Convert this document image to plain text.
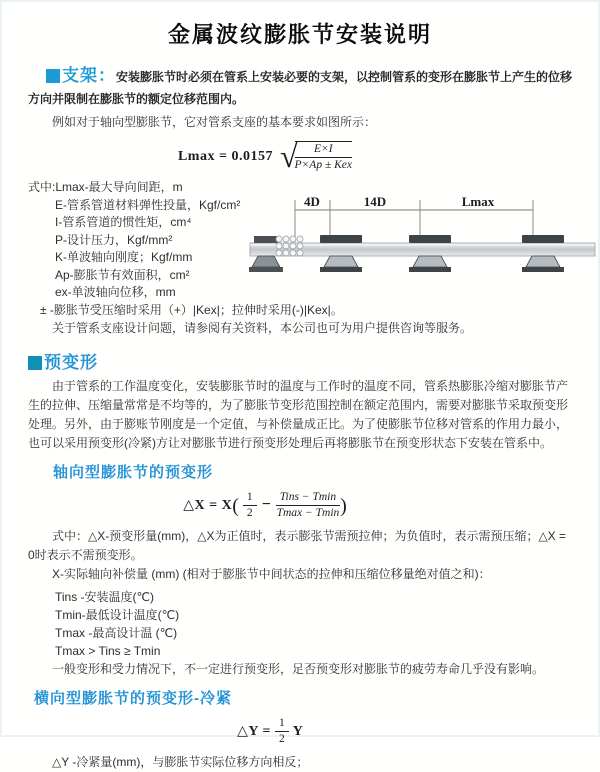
金属波纹膨胀节安装说明

支架：安装膨胀节时必须在管系上安装必要的支架，以控制管系的变形在膨胀节上产生的位移方向并限制在膨胀节的额定位移范围内。

例如对于轴向型膨胀节，它对管系支座的基本要求如图所示：

Lmax = 0.0157 √
$\frac{E\times I}{\text{P×Ap ± Kex}}$
式中:Lmax-最大导向间距，m
E-管系管道材料弹性投量，Kgf/cm²
I-管系管道的惯性矩，cm⁴
P-设计压力，Kgf/mm²
K-单波轴向刚度；Kgf/mm
Ap-膨胀节有效面积，cm²
ex-单波轴向位移，mm
± -膨胀节受压缩时采用（+）|Kex|；拉伸时采用(-)|Kex|。
关于管系支座设计问题，请参阅有关资料，本公司也可为用户提供咨询等服务。
4D	14D	Lmax
预变形

由于管系的工作温度变化，安装膨胀节时的温度与工作时的温度不同，管系热膨胀冷缩对膨胀节产生的拉伸、压缩量常常是不均等的，为了膨胀节变形范围控制在额定范围内，需要对膨胀节采取预变形处理。另外，由于膨账节刚度是一个定值，与补偿量成正比。为了使膨胀节位移对管系的作用力最小，也可以采用预变形(冷紧)方让对膨胀节进行预变形处理后再将膨胀节在预变形状态下安装在管系中。

轴向型膨胀节的预变形
△X = $X( \frac{1}{2} - \frac{\text{Tins − Tmin}}{Tmax - Tmin}$ )

式中：△X-预变形量(mm)，△X为正值时，表示膨张节需预拉伸；为负值时，表示需预压缩；△X = 0时表示不需预变形。

X-实际轴向补偿量 (mm) (相对于膨胀节中间状态的拉伸和压缩位移量绝对值之和)：

Tins -安装温度(℃)
Tmin-最低设计温度(℃)
Tmax -最高设计温 (℃)
Tmax > Tins ≥ Tmin

一般变形和受力情况下，不一定进行预变形，足否预变形对膨胀节的疲劳寿命几乎没有影响。

横向型膨胀节的预变形-冷紧
△Y = $\frac{1}{2}$ Y

△Y -冷紧量(mm)，与膨胀节实际位移方向相反；
